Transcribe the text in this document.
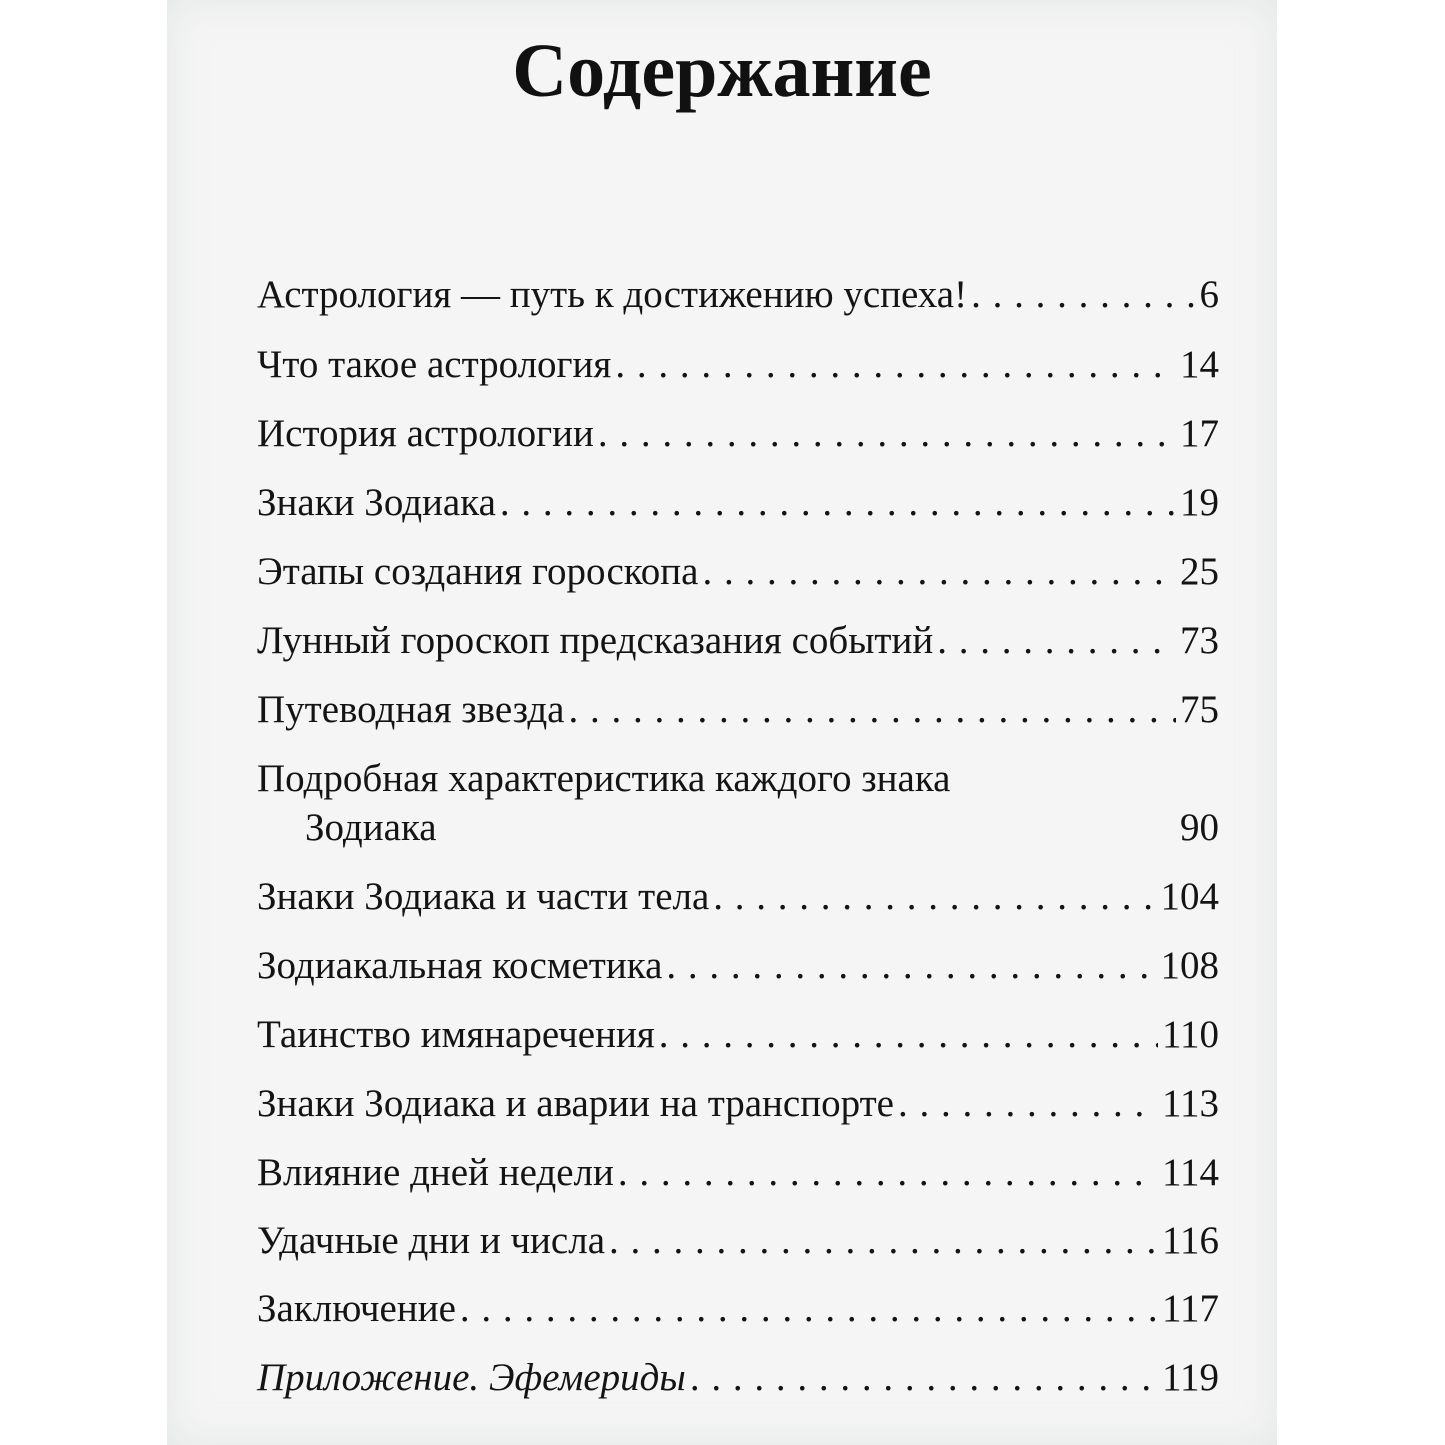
Содержание
Астрология — путь к достижению успеха! . . .	6
Что такое астрология . . .	14
История астрологии . . .	17
Знаки Зодиака . . .	19
Этапы создания гороскопа . . .	25
Лунный гороскоп предсказания событий . . .	73
Путеводная звезда . . .	75
Подробная характеристика каждого знака
Зодиака	90
Знаки Зодиака и части тела . . .	104
Зодиакальная косметика . . .	108
Таинство имянаречения . . .	110
Знаки Зодиака и аварии на транспорте . . .	113
Влияние дней недели . . .	114
Удачные дни и числа . . .	116
Заключение . . .	117
Приложение. Эфемериды . . .	119
